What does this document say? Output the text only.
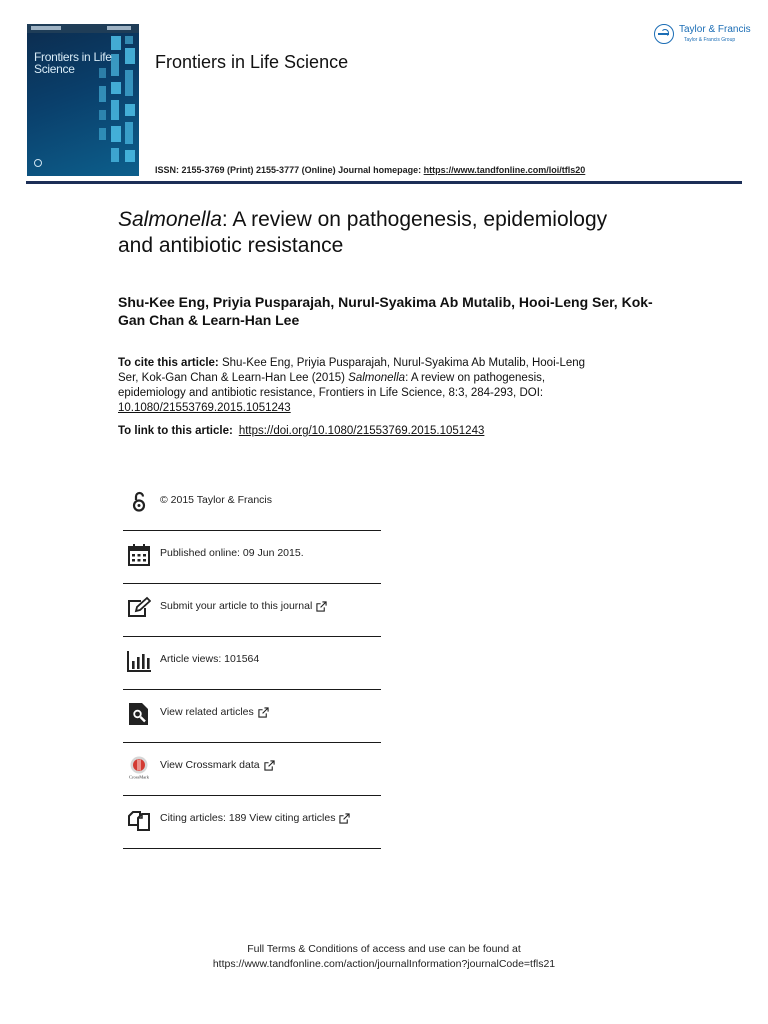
Frontiers in Life Science	Frontiers in Life Science
Taylor & Francis
Taylor & Francis Group
ISSN: 2155-3769 (Print) 2155-3777 (Online) Journal homepage: https://www.tandfonline.com/loi/tfls20
Salmonella: A review on pathogenesis, epidemiology and antibiotic resistance
Shu-Kee Eng, Priyia Pusparajah, Nurul-Syakima Ab Mutalib, Hooi-Leng Ser, Kok-Gan Chan & Learn-Han Lee
To cite this article: Shu-Kee Eng, Priyia Pusparajah, Nurul-Syakima Ab Mutalib, Hooi-Leng Ser, Kok-Gan Chan & Learn-Han Lee (2015) Salmonella: A review on pathogenesis, epidemiology and antibiotic resistance, Frontiers in Life Science, 8:3, 284-293, DOI: 10.1080/21553769.2015.1051243
To link to this article: https://doi.org/10.1080/21553769.2015.1051243
© 2015 Taylor & Francis
Published online: 09 Jun 2015.
Submit your article to this journal
Article views: 101564
View related articles
CrossMark
View Crossmark data
Citing articles: 189 View citing articles
Full Terms & Conditions of access and use can be found at
https://www.tandfonline.com/action/journalInformation?journalCode=tfls21
